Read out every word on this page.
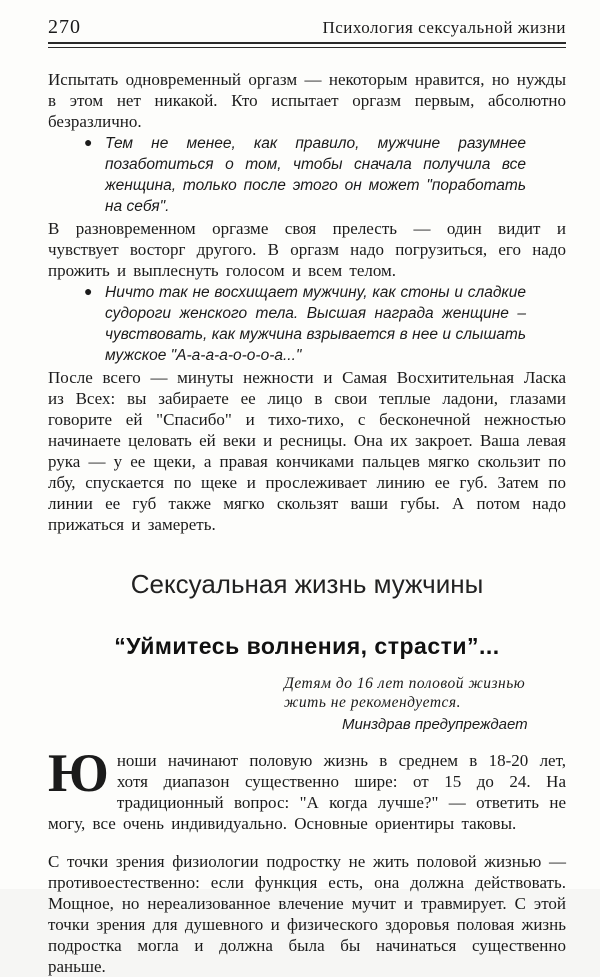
270	Психология сексуальной жизни

Испытать одновременный оргазм — некоторым нравится, но нужды в этом нет никакой. Кто испытает оргазм первым, абсолютно безразлично.

● Тем не менее, как правило, мужчине разумнее позаботиться о том, чтобы сначала получила все женщина, только после этого он может "поработать на себя".

В разновременном оргазме своя прелесть — один видит и чувствует восторг другого. В оргазм надо погрузиться, его надо прожить и выплеснуть голосом и всем телом.

● Ничто так не восхищает мужчину, как стоны и сладкие судороги женского тела. Высшая награда женщине – чувствовать, как мужчина взрывается в нее и слышать мужское "А-а-а-а-о-о-о-а..."

После всего — минуты нежности и Самая Восхитительная Ласка из Всех: вы забираете ее лицо в свои теплые ладони, глазами говорите ей "Спасибо" и тихо-тихо, с бесконечной нежностью начинаете целовать ей веки и ресницы. Она их закроет. Ваша левая рука — у ее щеки, а правая кончиками пальцев мягко скользит по лбу, спускается по щеке и прослеживает линию ее губ. Затем по линии ее губ также мягко скользят ваши губы. А потом надо прижаться и замереть.

Сексуальная жизнь мужчины
“Уймитесь волнения, страсти”...
Детям до 16 лет половой жизнью жить не рекомендуется.
Минздрав предупреждает

Юноши начинают половую жизнь в среднем в 18-20 лет, хотя диапазон существенно шире: от 15 до 24. На традиционный вопрос: "А когда лучше?" — ответить не могу, все очень индивидуально. Основные ориентиры таковы.

С точки зрения физиологии подростку не жить половой жизнью — противоестественно: если функция есть, она должна действовать. Мощное, но нереализованное влечение мучит и травмирует. С этой точки зрения для душевного и физического здоровья половая жизнь подростка могла и должна была бы начинаться существенно раньше.
